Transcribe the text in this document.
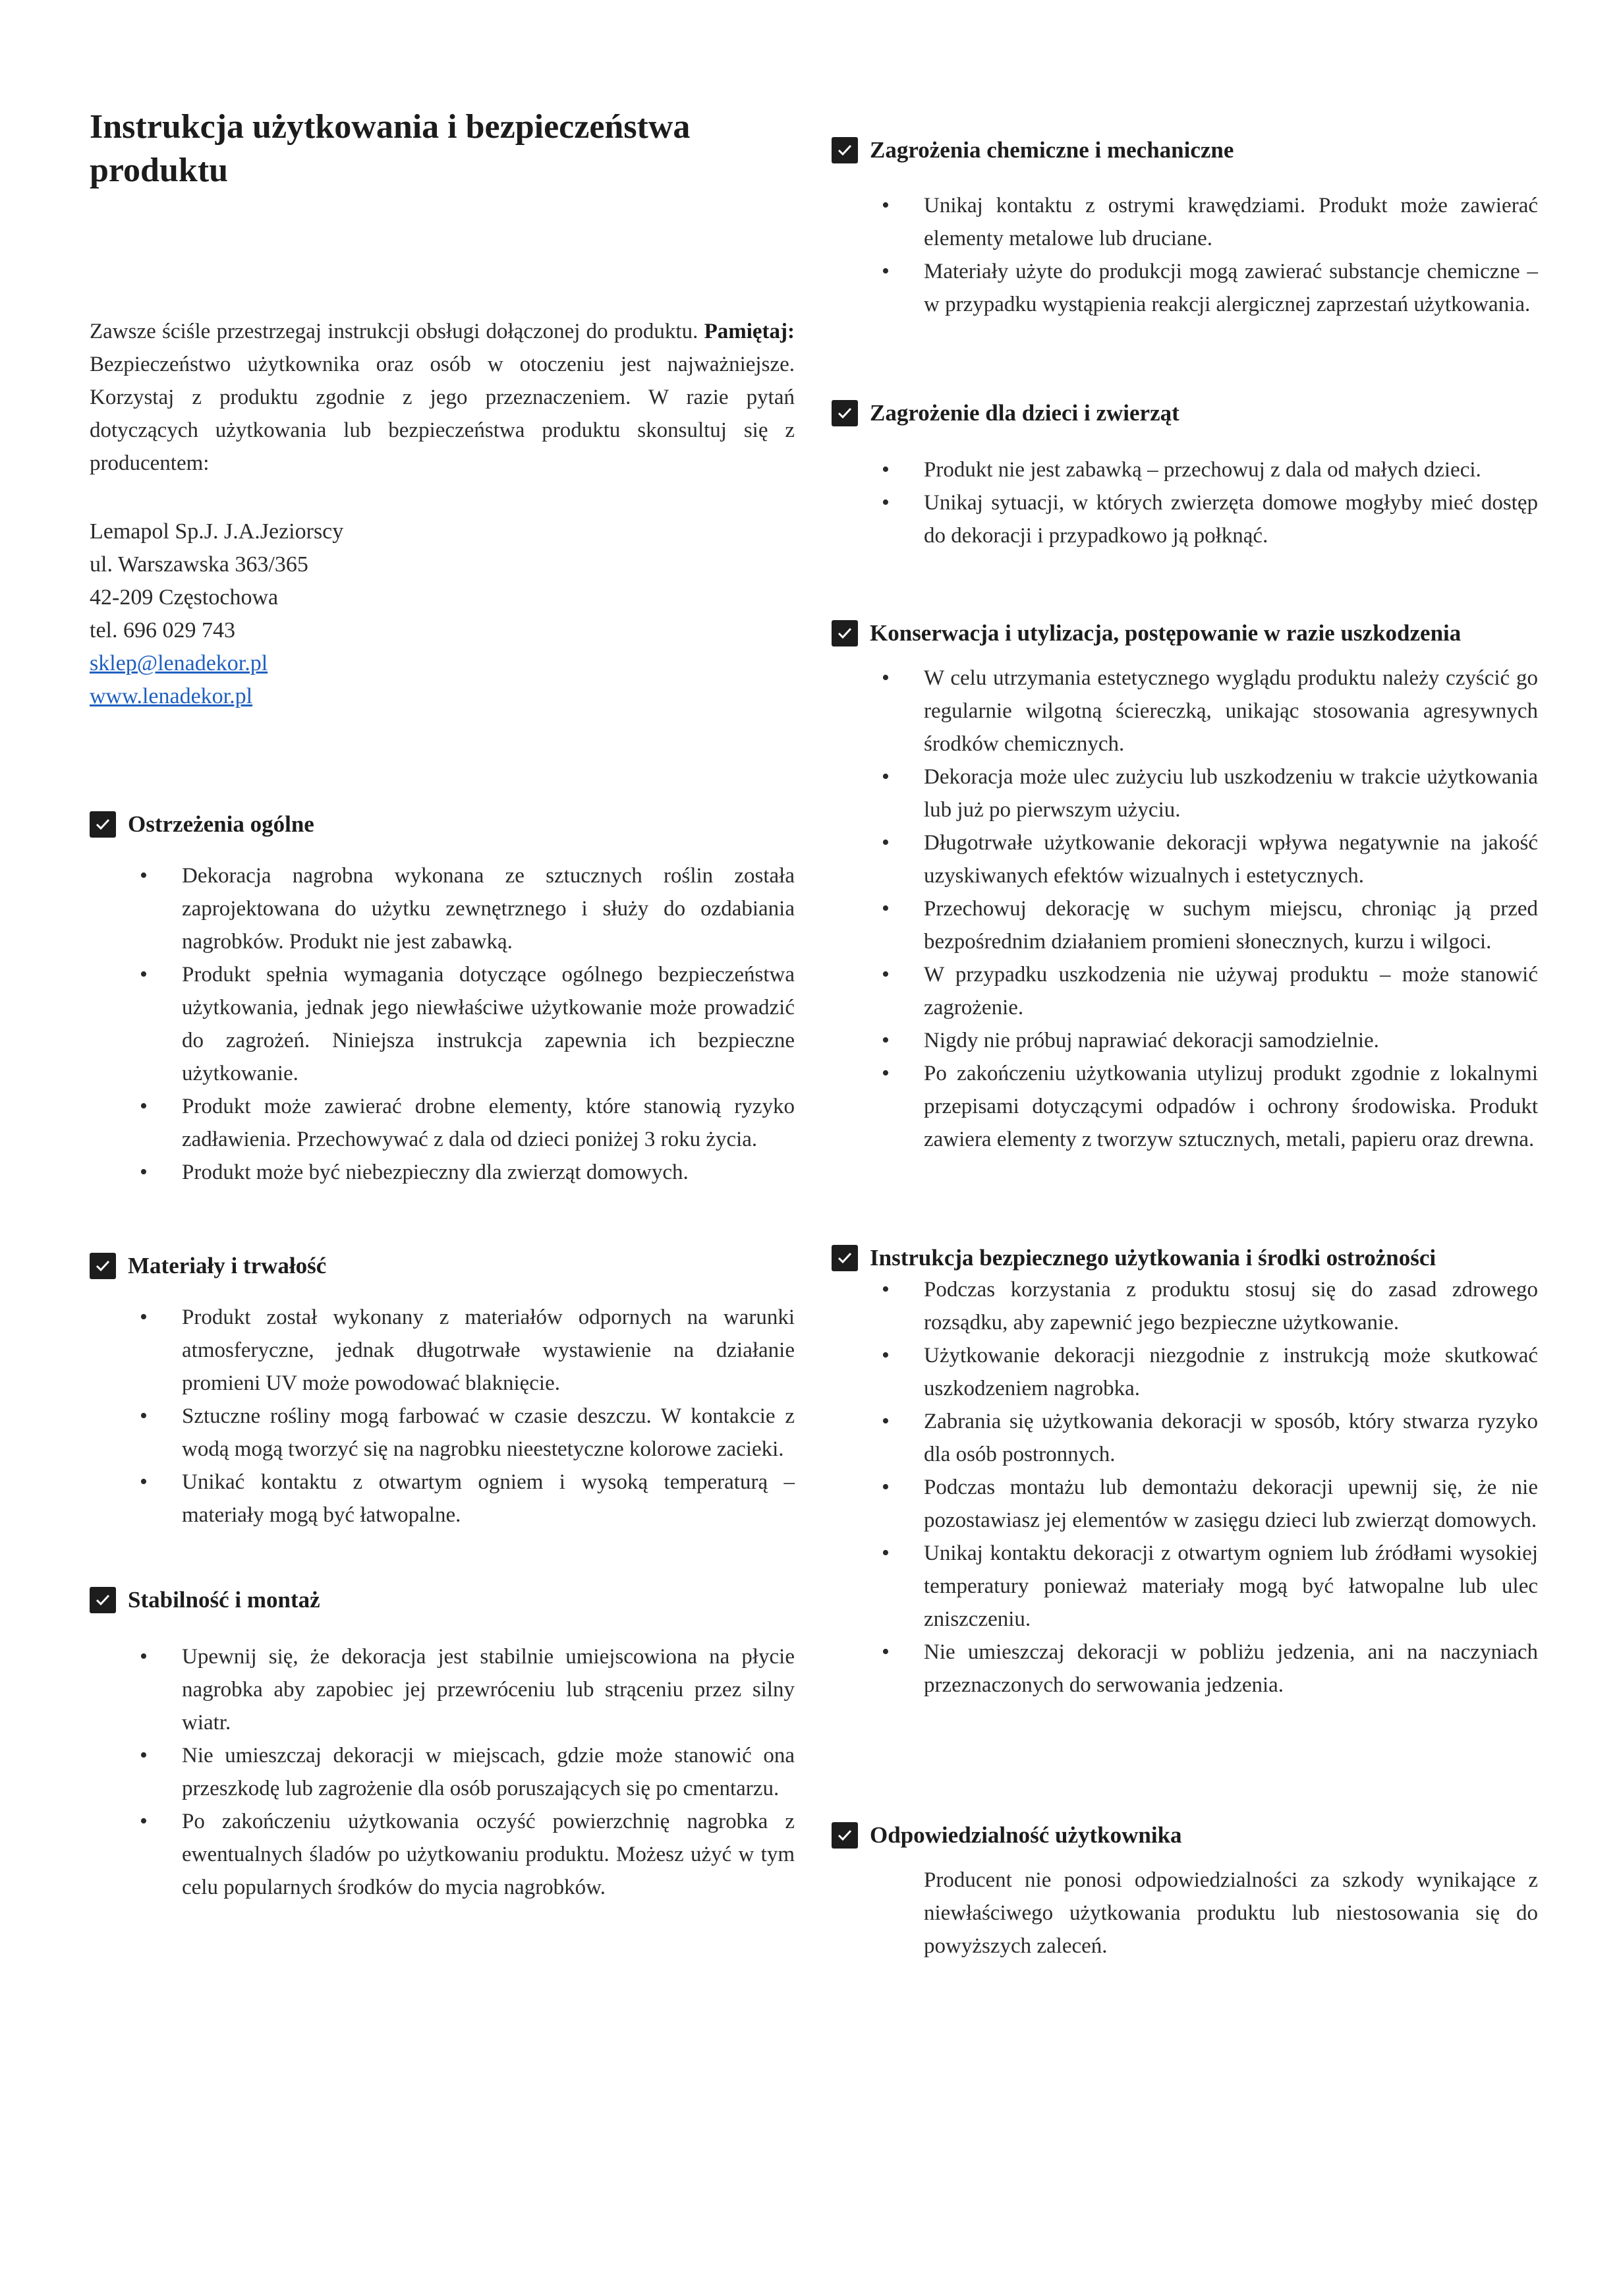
Instrukcja użytkowania i bezpieczeństwa produktu

Zawsze ściśle przestrzegaj instrukcji obsługi dołączonej do produktu. Pamiętaj: Bezpieczeństwo użytkownika oraz osób w otoczeniu jest najważniejsze. Korzystaj z produktu zgodnie z jego przeznaczeniem. W razie pytań dotyczących użytkowania lub bezpieczeństwa produktu skonsultuj się z producentem:

Lemapol Sp.J. J.A.Jeziorscy
ul. Warszawska 363/365
42-209 Częstochowa
tel. 696 029 743
sklep@lenadekor.pl
www.lenadekor.pl
Ostrzeżenia ogólne
• Dekoracja nagrobna wykonana ze sztucznych roślin została zaprojektowana do użytku zewnętrznego i służy do ozdabiania nagrobków. Produkt nie jest zabawką.
• Produkt spełnia wymagania dotyczące ogólnego bezpieczeństwa użytkowania, jednak jego niewłaściwe użytkowanie może prowadzić do zagrożeń. Niniejsza instrukcja zapewnia ich bezpieczne użytkowanie.
• Produkt może zawierać drobne elementy, które stanowią ryzyko zadławienia. Przechowywać z dala od dzieci poniżej 3 roku życia.
• Produkt może być niebezpieczny dla zwierząt domowych.
Materiały i trwałość
• Produkt został wykonany z materiałów odpornych na warunki atmosferyczne, jednak długotrwałe wystawienie na działanie promieni UV może powodować blaknięcie.
• Sztuczne rośliny mogą farbować w czasie deszczu. W kontakcie z wodą mogą tworzyć się na nagrobku nieestetyczne kolorowe zacieki.
• Unikać kontaktu z otwartym ogniem i wysoką temperaturą – materiały mogą być łatwopalne.
Stabilność i montaż
• Upewnij się, że dekoracja jest stabilnie umiejscowiona na płycie nagrobka aby zapobiec jej przewróceniu lub strąceniu przez silny wiatr.
• Nie umieszczaj dekoracji w miejscach, gdzie może stanowić ona przeszkodę lub zagrożenie dla osób poruszających się po cmentarzu.
• Po zakończeniu użytkowania oczyść powierzchnię nagrobka z ewentualnych śladów po użytkowaniu produktu. Możesz użyć w tym celu popularnych środków do mycia nagrobków.
Zagrożenia chemiczne i mechaniczne
• Unikaj kontaktu z ostrymi krawędziami. Produkt może zawierać elementy metalowe lub druciane.
• Materiały użyte do produkcji mogą zawierać substancje chemiczne – w przypadku wystąpienia reakcji alergicznej zaprzestań użytkowania.
Zagrożenie dla dzieci i zwierząt
• Produkt nie jest zabawką – przechowuj z dala od małych dzieci.
• Unikaj sytuacji, w których zwierzęta domowe mogłyby mieć dostęp do dekoracji i przypadkowo ją połknąć.
Konserwacja i utylizacja, postępowanie w razie uszkodzenia
• W celu utrzymania estetycznego wyglądu produktu należy czyścić go regularnie wilgotną ściereczką, unikając stosowania agresywnych środków chemicznych.
• Dekoracja może ulec zużyciu lub uszkodzeniu w trakcie użytkowania lub już po pierwszym użyciu.
• Długotrwałe użytkowanie dekoracji wpływa negatywnie na jakość uzyskiwanych efektów wizualnych i estetycznych.
• Przechowuj dekorację w suchym miejscu, chroniąc ją przed bezpośrednim działaniem promieni słonecznych, kurzu i wilgoci.
• W przypadku uszkodzenia nie używaj produktu – może stanowić zagrożenie.
• Nigdy nie próbuj naprawiać dekoracji samodzielnie.
• Po zakończeniu użytkowania utylizuj produkt zgodnie z lokalnymi przepisami dotyczącymi odpadów i ochrony środowiska. Produkt zawiera elementy z tworzyw sztucznych, metali, papieru oraz drewna.
Instrukcja bezpiecznego użytkowania i środki ostrożności
• Podczas korzystania z produktu stosuj się do zasad zdrowego rozsądku, aby zapewnić jego bezpieczne użytkowanie.
• Użytkowanie dekoracji niezgodnie z instrukcją może skutkować uszkodzeniem nagrobka.
• Zabrania się użytkowania dekoracji w sposób, który stwarza ryzyko dla osób postronnych.
• Podczas montażu lub demontażu dekoracji upewnij się, że nie pozostawiasz jej elementów w zasięgu dzieci lub zwierząt domowych.
• Unikaj kontaktu dekoracji z otwartym ogniem lub źródłami wysokiej temperatury ponieważ materiały mogą być łatwopalne lub ulec zniszczeniu.
• Nie umieszczaj dekoracji w pobliżu jedzenia, ani na naczyniach przeznaczonych do serwowania jedzenia.
Odpowiedzialność użytkownika

Producent nie ponosi odpowiedzialności za szkody wynikające z niewłaściwego użytkowania produktu lub niestosowania się do powyższych zaleceń.
